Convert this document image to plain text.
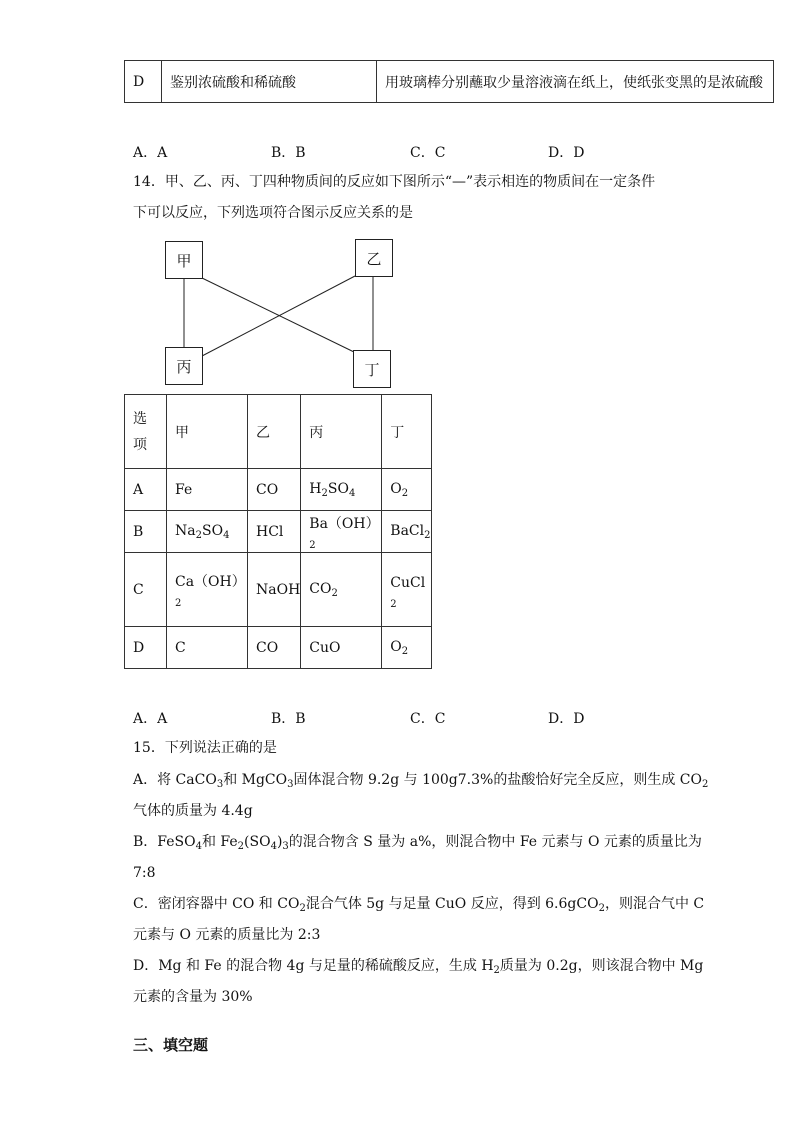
D	鉴别浓硫酸和稀硫酸	用玻璃棒分别蘸取少量溶液滴在纸上，使纸张变黑的是浓硫酸
A．A	B．B	C．C	D．D
14．甲、乙、丙、丁四种物质间的反应如下图所示“—”表示相连的物质间在一定条件
下可以反应，下列选项符合图示反应关系的是
甲	乙
丙	丁
选
项	甲	乙	丙	丁
A	Fe	CO	$H_2SO_4$	$O_2$
B	$Na_2SO_4$	HCl	$Ba(OH)_2$	BaCl$_2$
C	$Ca(OH)_2$	NaOH	$CO_2$	CuCl
2

D	C	CO	CuO	$O_2$
A．A	B．B	C．C	D．D
15．下列说法正确的是
A．将 CaCO$_3$和 MgCO$_3$固体混合物 9.2g 与 100g7.3%的盐酸恰好完全反应，则生成 $CO_2$
气体的质量为 4.4g
B．FeSO$_4$和 $Fe_2(SO_4)_3$的混合物含 S 量为 a%，则混合物中 Fe 元素与 O 元素的质量比为
7:8
C．密闭容器中 CO 和 $CO_2$混合气体 5g 与足量 CuO 反应，得到 6.6gCO$_2$，则混合气中 C
元素与 O 元素的质量比为 2:3
D．Mg 和 Fe 的混合物 4g 与足量的稀硫酸反应，生成 $H_2$质量为 0.2g，则该混合物中 Mg
元素的含量为 30%
三、填空题
